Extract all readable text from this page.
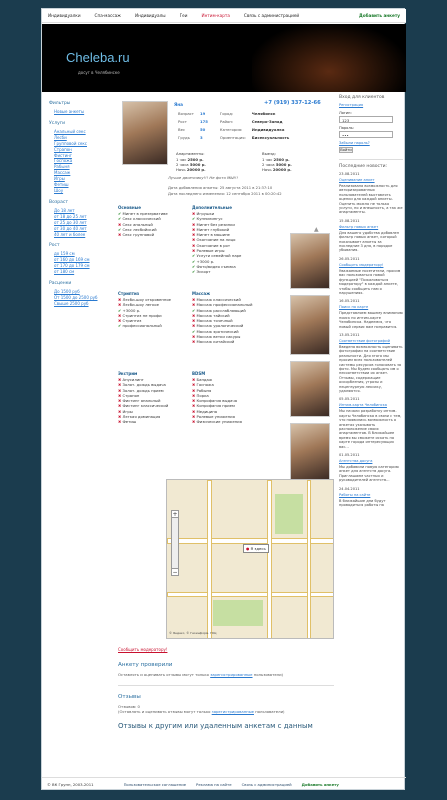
Индивидуалки	Спа-массаж	Индивидуалы	Геи	Интим-карта	Связь с администрацией	Добавить анкету
Cheleba.ru
досуг в Челябинске
Фильтры
Новые анкеты
Услуги
Анальный секс
Лесби
Групповой секс
Страпон
Фистинг
Госпожа
Рабыня
Массаж
Игры
Фетиш
Шоу
Возраст
До 18 лет
от 18 до 25 лет
от 25 до 30 лет
от 30 до 40 лет
40 лет и более
Рост
до 159 см
от 160 до 169 см
от 170 до 179 см
от 180 см
Расценки
До 1500 руб
От 1500 до 2500 руб
Свыше 2500 руб
Яна	+7 (919) 337-12-66
Возраст	19	Город:	Челябинск
Рост	175	Район:	Северо-Запад
Вес	50	Категория:	Индивидуалка
Грудь	3	Ориентация:	Бисексуальность
Апартаменты:
1 час 2500 р.
2 часа 5000 р.
Ночь 20000 р.
Выезд:
1 час 2500 р.
2 часа 5000 р.
Ночь 20000 р.
Лучше двоечнику!!! Не фото МЫ!!!
Дата добавления анкеты: 25 августа 2011 в 21:37:10
Дата последнего изменения: 12 сентября 2011 в 00:20:42
Основные
✔ Минет в презервативе
✔ Секс классический
✖ Секс анальный
✔ Секс лесбийский
✖ Секс групповой
Дополнительные
✖ Игрушки
✔ Куннилингус
✖ Минет без резинки
✖ Минет глубокий
✖ Минет в машине
✖ Окончание на лицо
✖ Окончание в рот
✖ Ролевые игры
✔ Услуги семейной паре
✔ +3000 р.
✔ Фото/видео съемка
✔ Эскорт
Стриптиз
✖ Лесби-шоу откровенное
✖ Лесби-шоу легкое
✔ +3000 р.
✖ Стриптиз не профи
✖ Стриптиз
✔ профессиональный
Массаж
✖ Массаж классический
✖ Массаж профессиональный
✔ Массаж расслабляющий
✖ Массаж тайский
✖ Массаж точечный
✖ Массаж урологический
✔ Массаж эротический
✖ Массаж ветки сакуры
✖ Массаж китайский
Экстрим
✖ Анусилинг
✖ Золот. дождь выдача
✖ Золот. дождь прием
✖ Страпон
✖ Фистинг анальный
✖ Фистинг классический
✖ Игры
✖ Легкая доминация
✖ Фетиш
BDSM
✖ Бандаж
✖ Госпожа
✖ Рабыня
✖ Порка
✖ Копрофагия выдача
✖ Копрофагия прием
✖ Медицина
✖ Ролевые унижения
✖ Физические унижения
▲
● Я здесь
+
−
© Яндекс, © Геоинформ. ГКЦ
Сообщить модератору!
Анкету проверили
Оставлять и оценивать отзывы могут только зарегистрированные пользователи)
Отзывы
Отзывов: 0
(Оставлять и оценивать отзывы могут только зарегистрированные пользователи)
Отзывы к другим или удаленным анкетам с данным
Вход для клиентов
Регистрация
Логин:
123
Пароль:
•••
Забыли пароль?
Войти
Последние новости:
23.08.2011
Оценивание анкет
Реализована возможность для авторизированных пользователей выставлять оценки для каждой анкеты. Оценить можно не только услуги, но и внешность, а так же апартаменты.
15.08.2011
Фильтр новых анкет
Для вашего удобства добавлен фильтр новых анкет, который показывает анкеты за последние 3 дня, в порядке убывания.
26.05.2011
Сообщить модератору!
Уважаемые посетители, просим вас пользоваться новой функцией "Пожаловаться модератору" в каждой анкете, чтобы сообщить нам о нарушениях.
16.05.2011
Поиск по карте
Представляем вашему вниманию поиск по интим-карте Челябинска. Надеемся, что новый сервис вам понравится.
13.05.2011
Соответствие фотографий
Введена возможность оценивать фотографии на соответствие реальности. Для этого мы просим всех пользователей системы ресурсов голосовать за фото. Мы будем сообщать им о несоответствии их анкет. Отзывы, содержащие оскорбления, угрозы и нецензурную лексику, удаляются.
05.05.2011
Интим-карта Челябинска
Мы начали разработку интим-карты Челябинска в связи с тем, что появились возможность о анкетах указывать расположение своих апартаментов. В ближайшее время вы сможете искать на карте города интересующих вас...
01.05.2011
Агентства досуга
Мы добавили новую категорию анкет для агентств досуга. Приглашаем частных и руководителей агентств...
24.04.2011
Работы на сайте
В ближайшие дни будут проводиться работы на
© ВК Групп, 2003-2011	Пользовательское соглашение	Реклама на сайте	Связь с администрацией	Добавить анкету
